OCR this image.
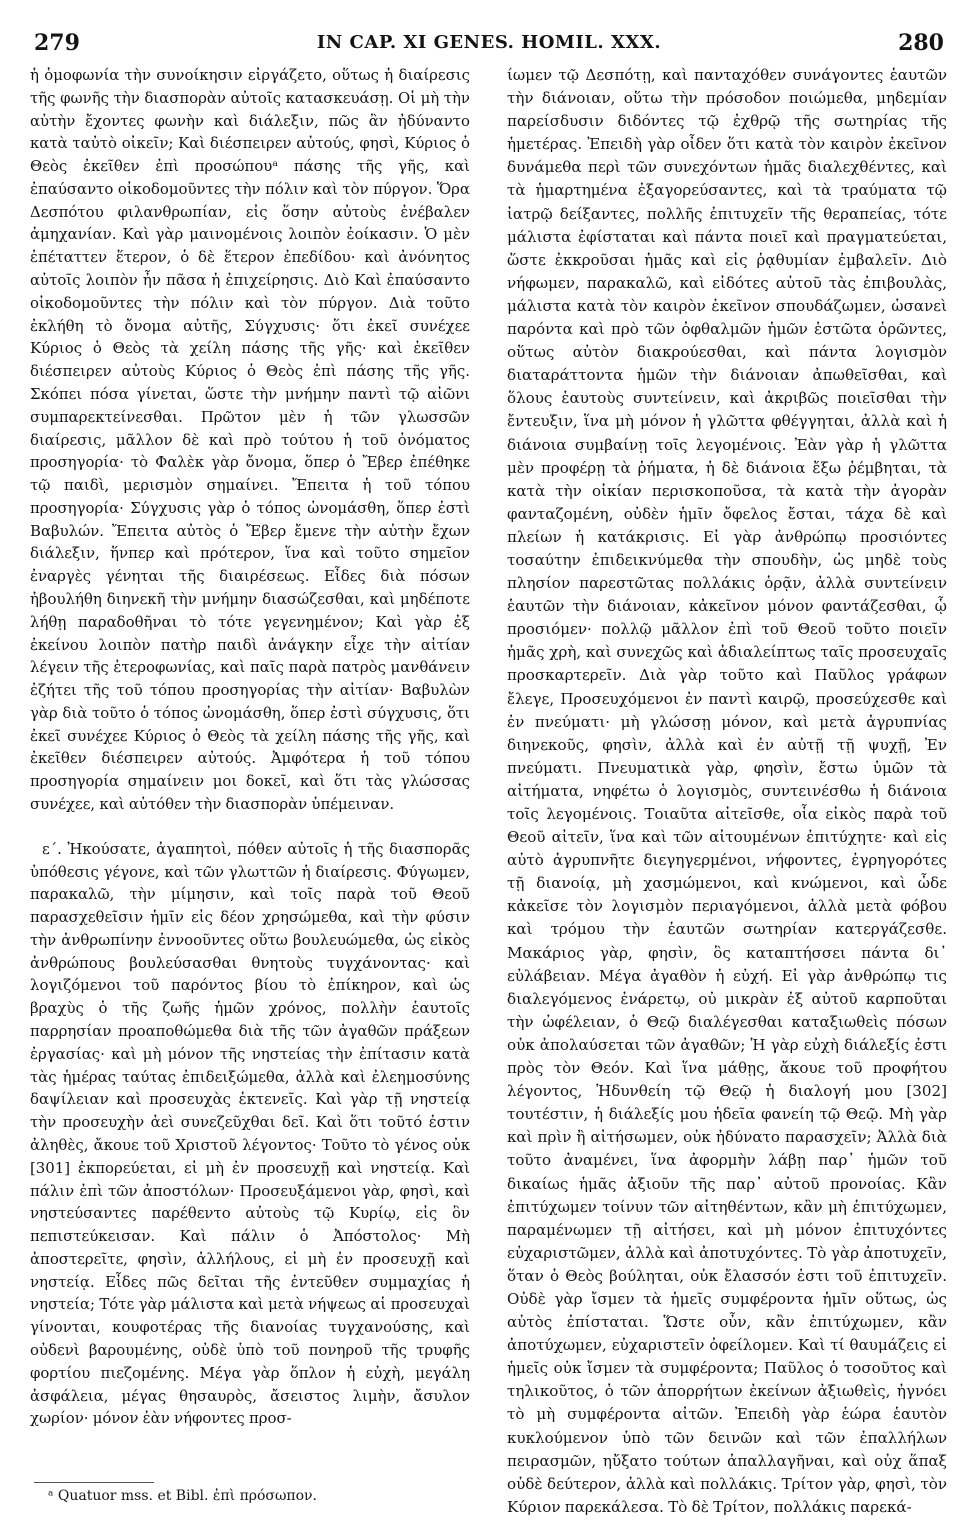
279	IN CAP. XI GENES. HOMIL. XXX.	280

ἡ ὁμοφωνία τὴν συνοίκησιν εἰργάζετο, οὕτως ἡ διαίρεσις τῆς φωνῆς τὴν διασπορὰν αὐτοῖς κατασκευάσῃ. Οἱ μὴ τὴν αὐτὴν ἔχοντες φωνὴν καὶ διάλεξιν, πῶς ἂν ἠδύναντο κατὰ ταὐτὸ οἰκεῖν; Καὶ διέσπειρεν αὐτούς, φησὶ, Κύριος ὁ Θεὸς ἐκεῖθεν ἐπὶ προσώπουᵃ πάσης τῆς γῆς, καὶ ἐπαύσαντο οἰκοδομοῦντες τὴν πόλιν καὶ τὸν πύργον. Ὅρα Δεσπότου φιλανθρωπίαν, εἰς ὅσην αὐτοὺς ἐνέβαλεν ἀμηχανίαν. Καὶ γὰρ μαινομένοις λοιπὸν ἐοίκασιν. Ὁ μὲν ἐπέταττεν ἕτερον, ὁ δὲ ἕτερον ἐπεδίδου· καὶ ἀνόνητος αὐτοῖς λοιπὸν ἦν πᾶσα ἡ ἐπιχείρησις. Διὸ Καὶ ἐπαύσαντο οἰκοδομοῦντες τὴν πόλιν καὶ τὸν πύργον. Διὰ τοῦτο ἐκλήθη τὸ ὄνομα αὐτῆς, Σύγχυσις· ὅτι ἐκεῖ συνέχεε Κύριος ὁ Θεὸς τὰ χείλη πάσης τῆς γῆς· καὶ ἐκεῖθεν διέσπειρεν αὐτοὺς Κύριος ὁ Θεὸς ἐπὶ πάσης τῆς γῆς. Σκόπει πόσα γίνεται, ὥστε τὴν μνήμην παντὶ τῷ αἰῶνι συμπαρεκτείνεσθαι. Πρῶτον μὲν ἡ τῶν γλωσσῶν διαίρεσις, μᾶλλον δὲ καὶ πρὸ τούτου ἡ τοῦ ὀνόματος προσηγορία· τὸ Φαλὲκ γὰρ ὄνομα, ὅπερ ὁ Ἔβερ ἐπέθηκε τῷ παιδὶ, μερισμὸν σημαίνει. Ἔπειτα ἡ τοῦ τόπου προσηγορία· Σύγχυσις γὰρ ὁ τόπος ὠνομάσθη, ὅπερ ἐστὶ Βαβυλών. Ἔπειτα αὐτὸς ὁ Ἔβερ ἔμενε τὴν αὐτὴν ἔχων διάλεξιν, ἥνπερ καὶ πρότερον, ἵνα καὶ τοῦτο σημεῖον ἐναργὲς γένηται τῆς διαιρέσεως. Εἶδες διὰ πόσων ἠβουλήθη διηνεκῆ τὴν μνήμην διασώζεσθαι, καὶ μηδέποτε λήθῃ παραδοθῆναι τὸ τότε γεγενημένον; Καὶ γὰρ ἐξ ἐκείνου λοιπὸν πατὴρ παιδὶ ἀνάγκην εἶχε τὴν αἰτίαν λέγειν τῆς ἑτεροφωνίας, καὶ παῖς παρὰ πατρὸς μανθάνειν ἐζήτει τῆς τοῦ τόπου προσηγορίας τὴν αἰτίαν· Βαβυλὼν γὰρ διὰ τοῦτο ὁ τόπος ὠνομάσθη, ὅπερ ἐστὶ σύγχυσις, ὅτι ἐκεῖ συνέχεε Κύριος ὁ Θεὸς τὰ χείλη πάσης τῆς γῆς, καὶ ἐκεῖθεν διέσπειρεν αὐτούς. Ἀμφότερα ἡ τοῦ τόπου προσηγορία σημαίνειν μοι δοκεῖ, καὶ ὅτι τὰς γλώσσας συνέχεε, καὶ αὐτόθεν τὴν διασπορὰν ὑπέμειναν.

ε΄. Ἠκούσατε, ἀγαπητοὶ, πόθεν αὐτοῖς ἡ τῆς διασπορᾶς ὑπόθεσις γέγονε, καὶ τῶν γλωττῶν ἡ διαίρεσις. Φύγωμεν, παρακαλῶ, τὴν μίμησιν, καὶ τοῖς παρὰ τοῦ Θεοῦ παρασχεθεῖσιν ἡμῖν εἰς δέον χρησώμεθα, καὶ τὴν φύσιν τὴν ἀνθρωπίνην ἐννοοῦντες οὕτω βουλευώμεθα, ὡς εἰκὸς ἀνθρώπους βουλεύσασθαι θνητοὺς τυγχάνοντας· καὶ λογιζόμενοι τοῦ παρόντος βίου τὸ ἐπίκηρον, καὶ ὡς βραχὺς ὁ τῆς ζωῆς ἡμῶν χρόνος, πολλὴν ἑαυτοῖς παρρησίαν προαποθώμεθα διὰ τῆς τῶν ἀγαθῶν πράξεων ἐργασίας· καὶ μὴ μόνον τῆς νηστείας τὴν ἐπίτασιν κατὰ τὰς ἡμέρας ταύτας ἐπιδειξώμεθα, ἀλλὰ καὶ ἐλεημοσύνης δαψίλειαν καὶ προσευχὰς ἐκτενεῖς. Καὶ γὰρ τῇ νηστείᾳ τὴν προσευχὴν ἀεὶ συνεζεῦχθαι δεῖ. Καὶ ὅτι τοῦτό ἐστιν ἀληθὲς, ἄκουε τοῦ Χριστοῦ λέγοντος· Τοῦτο τὸ γένος οὐκ [301] ἐκπορεύεται, εἰ μὴ ἐν προσευχῇ καὶ νηστείᾳ. Καὶ πάλιν ἐπὶ τῶν ἀποστόλων· Προσευξάμενοι γὰρ, φησὶ, καὶ νηστεύσαντες παρέθεντο αὐτοὺς τῷ Κυρίῳ, εἰς ὃν πεπιστεύκεισαν. Καὶ πάλιν ὁ Ἀπόστολος· Μὴ ἀποστερεῖτε, φησὶν, ἀλλήλους, εἰ μὴ ἐν προσευχῇ καὶ νηστείᾳ. Εἶδες πῶς δεῖται τῆς ἐντεῦθεν συμμαχίας ἡ νηστεία; Τότε γὰρ μάλιστα καὶ μετὰ νήψεως αἱ προσευχαὶ γίνονται, κουφοτέρας τῆς διανοίας τυγχανούσης, καὶ οὐδενὶ βαρουμένης, οὐδὲ ὑπὸ τοῦ πονηροῦ τῆς τρυφῆς φορτίου πιεζομένης. Μέγα γὰρ ὅπλον ἡ εὐχὴ, μεγάλη ἀσφάλεια, μέγας θησαυρὸς, ἄσειστος λιμὴν, ἄσυλον χωρίον· μόνον ἐὰν νήφοντες προσ-

ίωμεν τῷ Δεσπότῃ, καὶ πανταχόθεν συνάγοντες ἑαυτῶν τὴν διάνοιαν, οὕτω τὴν πρόσοδον ποιώμεθα, μηδεμίαν παρείσδυσιν διδόντες τῷ ἐχθρῷ τῆς σωτηρίας τῆς ἡμετέρας. Ἐπειδὴ γὰρ οἶδεν ὅτι κατὰ τὸν καιρὸν ἐκεῖνον δυνάμεθα περὶ τῶν συνεχόντων ἡμᾶς διαλεχθέντες, καὶ τὰ ἡμαρτημένα ἐξαγορεύσαντες, καὶ τὰ τραύματα τῷ ἰατρῷ δείξαντες, πολλῆς ἐπιτυχεῖν τῆς θεραπείας, τότε μάλιστα ἐφίσταται καὶ πάντα ποιεῖ καὶ πραγματεύεται, ὥστε ἐκκροῦσαι ἡμᾶς καὶ εἰς ῥᾳθυμίαν ἐμβαλεῖν. Διὸ νήφωμεν, παρακαλῶ, καὶ εἰδότες αὐτοῦ τὰς ἐπιβουλὰς, μάλιστα κατὰ τὸν καιρὸν ἐκεῖνον σπουδάζωμεν, ὡσανεὶ παρόντα καὶ πρὸ τῶν ὀφθαλμῶν ἡμῶν ἑστῶτα ὁρῶντες, οὕτως αὐτὸν διακρούεσθαι, καὶ πάντα λογισμὸν διαταράττοντα ἡμῶν τὴν διάνοιαν ἀπωθεῖσθαι, καὶ ὅλους ἑαυτοὺς συντείνειν, καὶ ἀκριβῶς ποιεῖσθαι τὴν ἔντευξιν, ἵνα μὴ μόνον ἡ γλῶττα φθέγγηται, ἀλλὰ καὶ ἡ διάνοια συμβαίνῃ τοῖς λεγομένοις. Ἐὰν γὰρ ἡ γλῶττα μὲν προφέρῃ τὰ ῥήματα, ἡ δὲ διάνοια ἔξω ῥέμβηται, τὰ κατὰ τὴν οἰκίαν περισκοποῦσα, τὰ κατὰ τὴν ἀγορὰν φανταζομένη, οὐδὲν ἡμῖν ὄφελος ἔσται, τάχα δὲ καὶ πλείων ἡ κατάκρισις. Εἰ γὰρ ἀνθρώπῳ προσιόντες τοσαύτην ἐπιδεικνύμεθα τὴν σπουδὴν, ὡς μηδὲ τοὺς πλησίον παρεστῶτας πολλάκις ὁρᾷν, ἀλλὰ συντείνειν ἑαυτῶν τὴν διάνοιαν, κἀκεῖνον μόνον φαντάζεσθαι, ᾧ προσιόμεν· πολλῷ μᾶλλον ἐπὶ τοῦ Θεοῦ τοῦτο ποιεῖν ἡμᾶς χρὴ, καὶ συνεχῶς καὶ ἀδιαλείπτως ταῖς προσευχαῖς προσκαρτερεῖν. Διὰ γὰρ τοῦτο καὶ Παῦλος γράφων ἔλεγε, Προσευχόμενοι ἐν παντὶ καιρῷ, προσεύχεσθε καὶ ἐν πνεύματι· μὴ γλώσσῃ μόνον, καὶ μετὰ ἀγρυπνίας διηνεκοῦς, φησὶν, ἀλλὰ καὶ ἐν αὐτῇ τῇ ψυχῇ, Ἐν πνεύματι. Πνευματικὰ γὰρ, φησὶν, ἔστω ὑμῶν τὰ αἰτήματα, νηφέτω ὁ λογισμὸς, συντεινέσθω ἡ διάνοια τοῖς λεγομένοις. Τοιαῦτα αἰτεῖσθε, οἷα εἰκὸς παρὰ τοῦ Θεοῦ αἰτεῖν, ἵνα καὶ τῶν αἰτουμένων ἐπιτύχητε· καὶ εἰς αὐτὸ ἀγρυπνῆτε διεγηγερμένοι, νήφοντες, ἐγρηγορότες τῇ διανοίᾳ, μὴ χασμώμενοι, καὶ κνώμενοι, καὶ ὧδε κἀκεῖσε τὸν λογισμὸν περιαγόμενοι, ἀλλὰ μετὰ φόβου καὶ τρόμου τὴν ἑαυτῶν σωτηρίαν κατεργάζεσθε. Μακάριος γὰρ, φησὶν, ὃς καταπτήσσει πάντα δι᾽ εὐλάβειαν. Μέγα ἀγαθὸν ἡ εὐχή. Εἰ γὰρ ἀνθρώπῳ τις διαλεγόμενος ἐνάρετῳ, οὐ μικρὰν ἐξ αὐτοῦ καρποῦται τὴν ὠφέλειαν, ὁ Θεῷ διαλέγεσθαι καταξιωθεὶς πόσων οὐκ ἀπολαύσεται τῶν ἀγαθῶν; Ἡ γὰρ εὐχὴ διάλεξίς ἐστι πρὸς τὸν Θεόν. Καὶ ἵνα μάθῃς, ἄκουε τοῦ προφήτου λέγοντος, Ἡδυνθείη τῷ Θεῷ ἡ διαλογή μου [302] τουτέστιν, ἡ διάλεξίς μου ἡδεῖα φανείη τῷ Θεῷ. Μὴ γὰρ καὶ πρὶν ἢ αἰτήσωμεν, οὐκ ἠδύνατο παρασχεῖν; Ἀλλὰ διὰ τοῦτο ἀναμένει, ἵνα ἀφορμὴν λάβῃ παρ᾽ ἡμῶν τοῦ δικαίως ἡμᾶς ἀξιοῦν τῆς παρ᾽ αὐτοῦ προνοίας. Κἂν ἐπιτύχωμεν τοίνυν τῶν αἰτηθέντων, κἂν μὴ ἐπιτύχωμεν, παραμένωμεν τῇ αἰτήσει, καὶ μὴ μόνον ἐπιτυχόντες εὐχαριστῶμεν, ἀλλὰ καὶ ἀποτυχόντες. Τὸ γὰρ ἀποτυχεῖν, ὅταν ὁ Θεὸς βούληται, οὐκ ἔλασσόν ἐστι τοῦ ἐπιτυχεῖν. Οὐδὲ γὰρ ἴσμεν τὰ ἡμεῖς συμφέροντα ἡμῖν οὕτως, ὡς αὐτὸς ἐπίσταται. Ὥστε οὖν, κἂν ἐπιτύχωμεν, κἂν ἀποτύχωμεν, εὐχαριστεῖν ὀφείλομεν. Καὶ τί θαυμάζεις εἰ ἡμεῖς οὐκ ἴσμεν τὰ συμφέροντα; Παῦλος ὁ τοσοῦτος καὶ τηλικοῦτος, ὁ τῶν ἀπορρήτων ἐκείνων ἀξιωθεὶς, ἠγνόει τὸ μὴ συμφέροντα αἰτῶν. Ἐπειδὴ γὰρ ἑώρα ἑαυτὸν κυκλούμενον ὑπὸ τῶν δεινῶν καὶ τῶν ἐπαλλήλων πειρασμῶν, ηὔξατο τούτων ἀπαλλαγῆναι, καὶ οὐχ ἅπαξ οὐδὲ δεύτερον, ἀλλὰ καὶ πολλάκις. Τρίτον γὰρ, φησὶ, τὸν Κύριον παρεκάλεσα. Τὸ δὲ Τρίτον, πολλάκις παρεκά-

ᵃ Quatuor mss. et Bibl. ἐπὶ πρόσωπον.
